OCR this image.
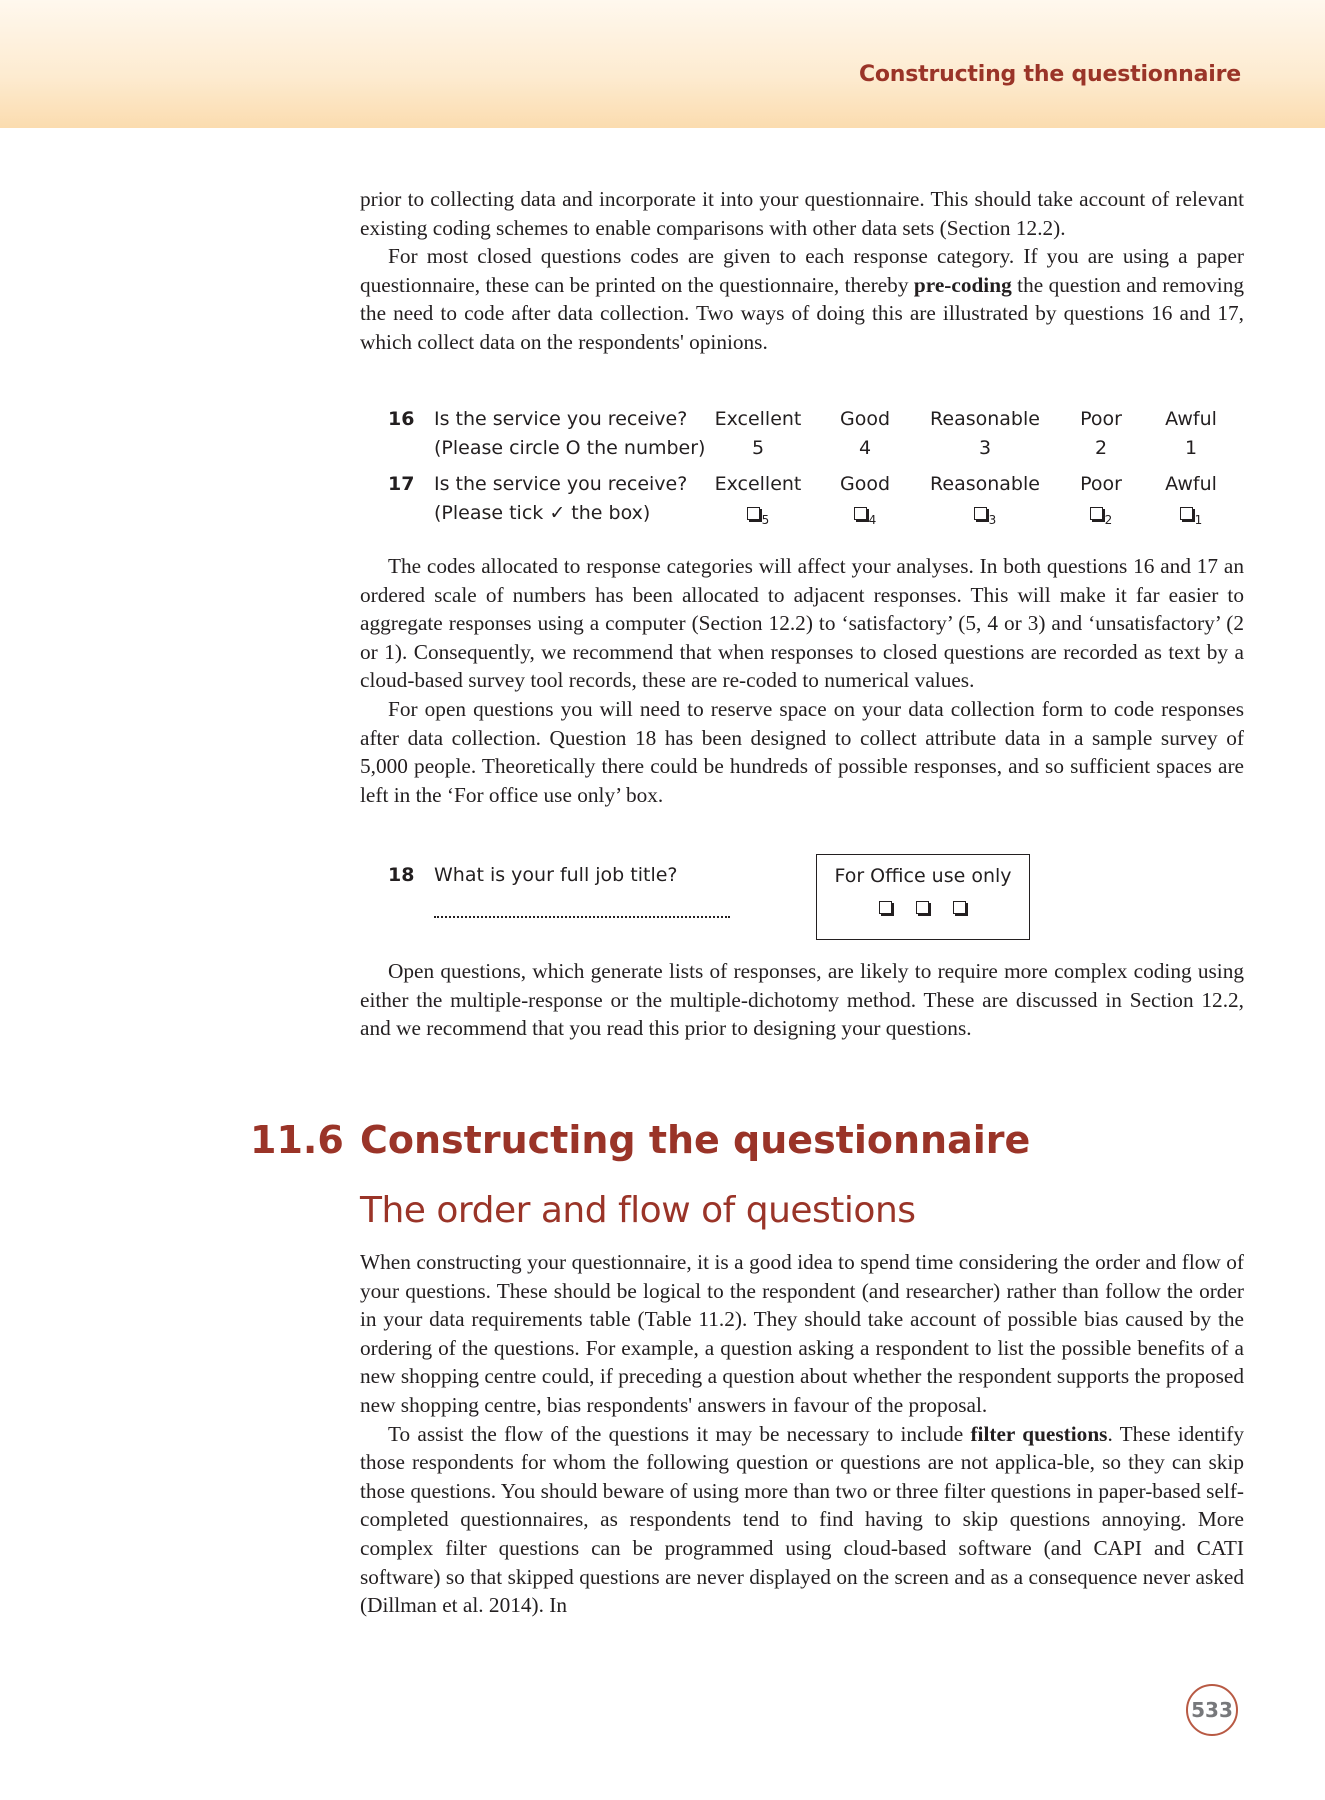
Constructing the questionnaire

prior to collecting data and incorporate it into your questionnaire. This should take account of relevant existing coding schemes to enable comparisons with other data sets (Section 12.2).

For most closed questions codes are given to each response category. If you are using a paper questionnaire, these can be printed on the questionnaire, thereby pre-coding the question and removing the need to code after data collection. Two ways of doing this are illustrated by questions 16 and 17, which collect data on the respondents' opinions.

16 Is the service you receive?	Excellent	Good	Reasonable	Poor	Awful
(Please circle O the number)	5	4	3	2	1
17 Is the service you receive?	Excellent	Good	Reasonable	Poor	Awful
(Please tick ✓ the box)	$_5$	$_4$	$_3$	$_2$	$_1$

The codes allocated to response categories will affect your analyses. In both questions 16 and 17 an ordered scale of numbers has been allocated to adjacent responses. This will make it far easier to aggregate responses using a computer (Section 12.2) to ‘satisfactory’ (5, 4 or 3) and ‘unsatisfactory’ (2 or 1). Consequently, we recommend that when responses to closed questions are recorded as text by a cloud-based survey tool records, these are re-coded to numerical values.

For open questions you will need to reserve space on your data collection form to code responses after data collection. Question 18 has been designed to collect attribute data in a sample survey of 5,000 people. Theoretically there could be hundreds of possible responses, and so sufficient spaces are left in the ‘For office use only’ box.

18 What is your full job title?	For Office use only

Open questions, which generate lists of responses, are likely to require more complex coding using either the multiple-response or the multiple-dichotomy method. These are discussed in Section 12.2, and we recommend that you read this prior to designing your questions.

11.6 Constructing the questionnaire
The order and flow of questions

When constructing your questionnaire, it is a good idea to spend time considering the order and flow of your questions. These should be logical to the respondent (and researcher) rather than follow the order in your data requirements table (Table 11.2). They should take account of possible bias caused by the ordering of the questions. For example, a question asking a respondent to list the possible benefits of a new shopping centre could, if preceding a question about whether the respondent supports the proposed new shopping centre, bias respondents' answers in favour of the proposal.

To assist the flow of the questions it may be necessary to include filter questions. These identify those respondents for whom the following question or questions are not applica-ble, so they can skip those questions. You should beware of using more than two or three filter questions in paper-based self-completed questionnaires, as respondents tend to find having to skip questions annoying. More complex filter questions can be programmed using cloud-based software (and CAPI and CATI software) so that skipped questions are never displayed on the screen and as a consequence never asked (Dillman et al. 2014). In

533
